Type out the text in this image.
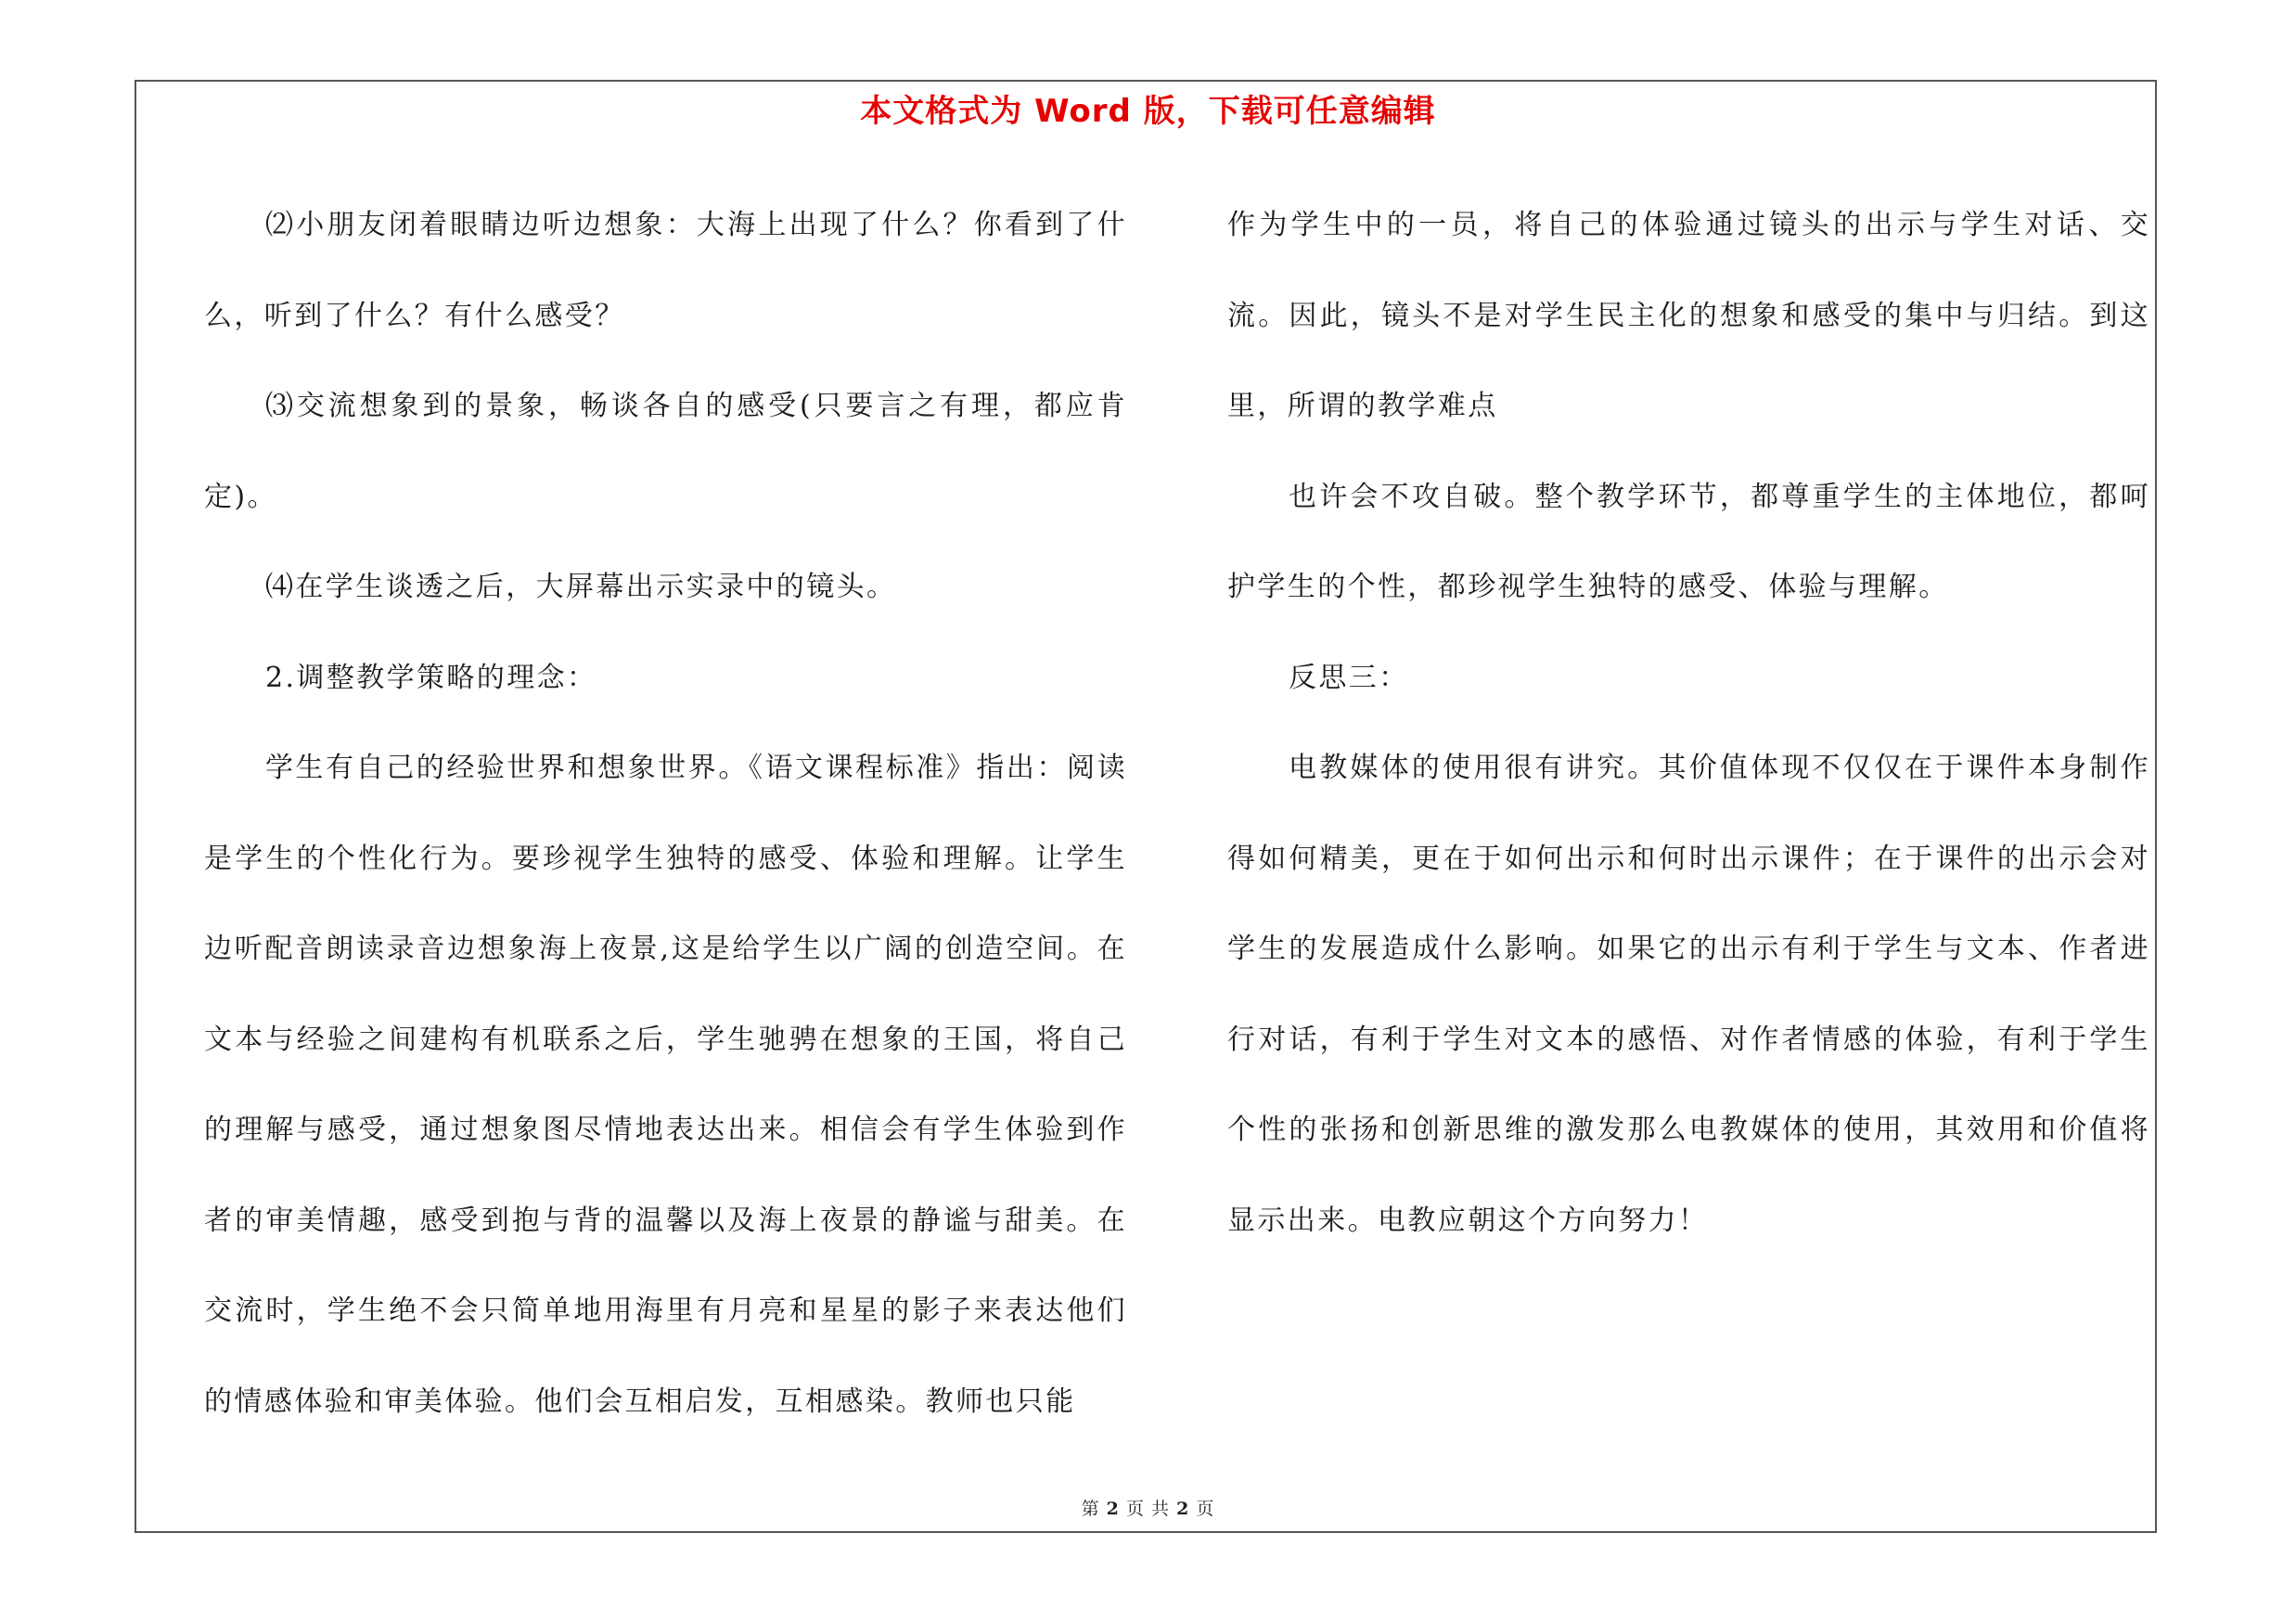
本文格式为 Word 版，下载可任意编辑

⑵小朋友闭着眼睛边听边想象：大海上出现了什么？你看到了什么，听到了什么？有什么感受？

⑶交流想象到的景象，畅谈各自的感受(只要言之有理，都应肯定)。

⑷在学生谈透之后，大屏幕出示实录中的镜头。

2.调整教学策略的理念：

学生有自己的经验世界和想象世界。《语文课程标准》指出：阅读是学生的个性化行为。要珍视学生独特的感受、体验和理解。让学生边听配音朗读录音边想象海上夜景,这是给学生以广阔的创造空间。在文本与经验之间建构有机联系之后，学生驰骋在想象的王国，将自己的理解与感受，通过想象图尽情地表达出来。相信会有学生体验到作者的审美情趣，感受到抱与背的温馨以及海上夜景的静谧与甜美。在交流时，学生绝不会只简单地用海里有月亮和星星的影子来表达他们的情感体验和审美体验。他们会互相启发，互相感染。教师也只能

作为学生中的一员，将自己的体验通过镜头的出示与学生对话、交流。因此，镜头不是对学生民主化的想象和感受的集中与归结。到这里，所谓的教学难点

也许会不攻自破。整个教学环节，都尊重学生的主体地位，都呵护学生的个性，都珍视学生独特的感受、体验与理解。

反思三：

电教媒体的使用很有讲究。其价值体现不仅仅在于课件本身制作得如何精美，更在于如何出示和何时出示课件；在于课件的出示会对学生的发展造成什么影响。如果它的出示有利于学生与文本、作者进行对话，有利于学生对文本的感悟、对作者情感的体验，有利于学生个性的张扬和创新思维的激发那么电教媒体的使用，其效用和价值将显示出来。电教应朝这个方向努力！

第 2 页 共 2 页
